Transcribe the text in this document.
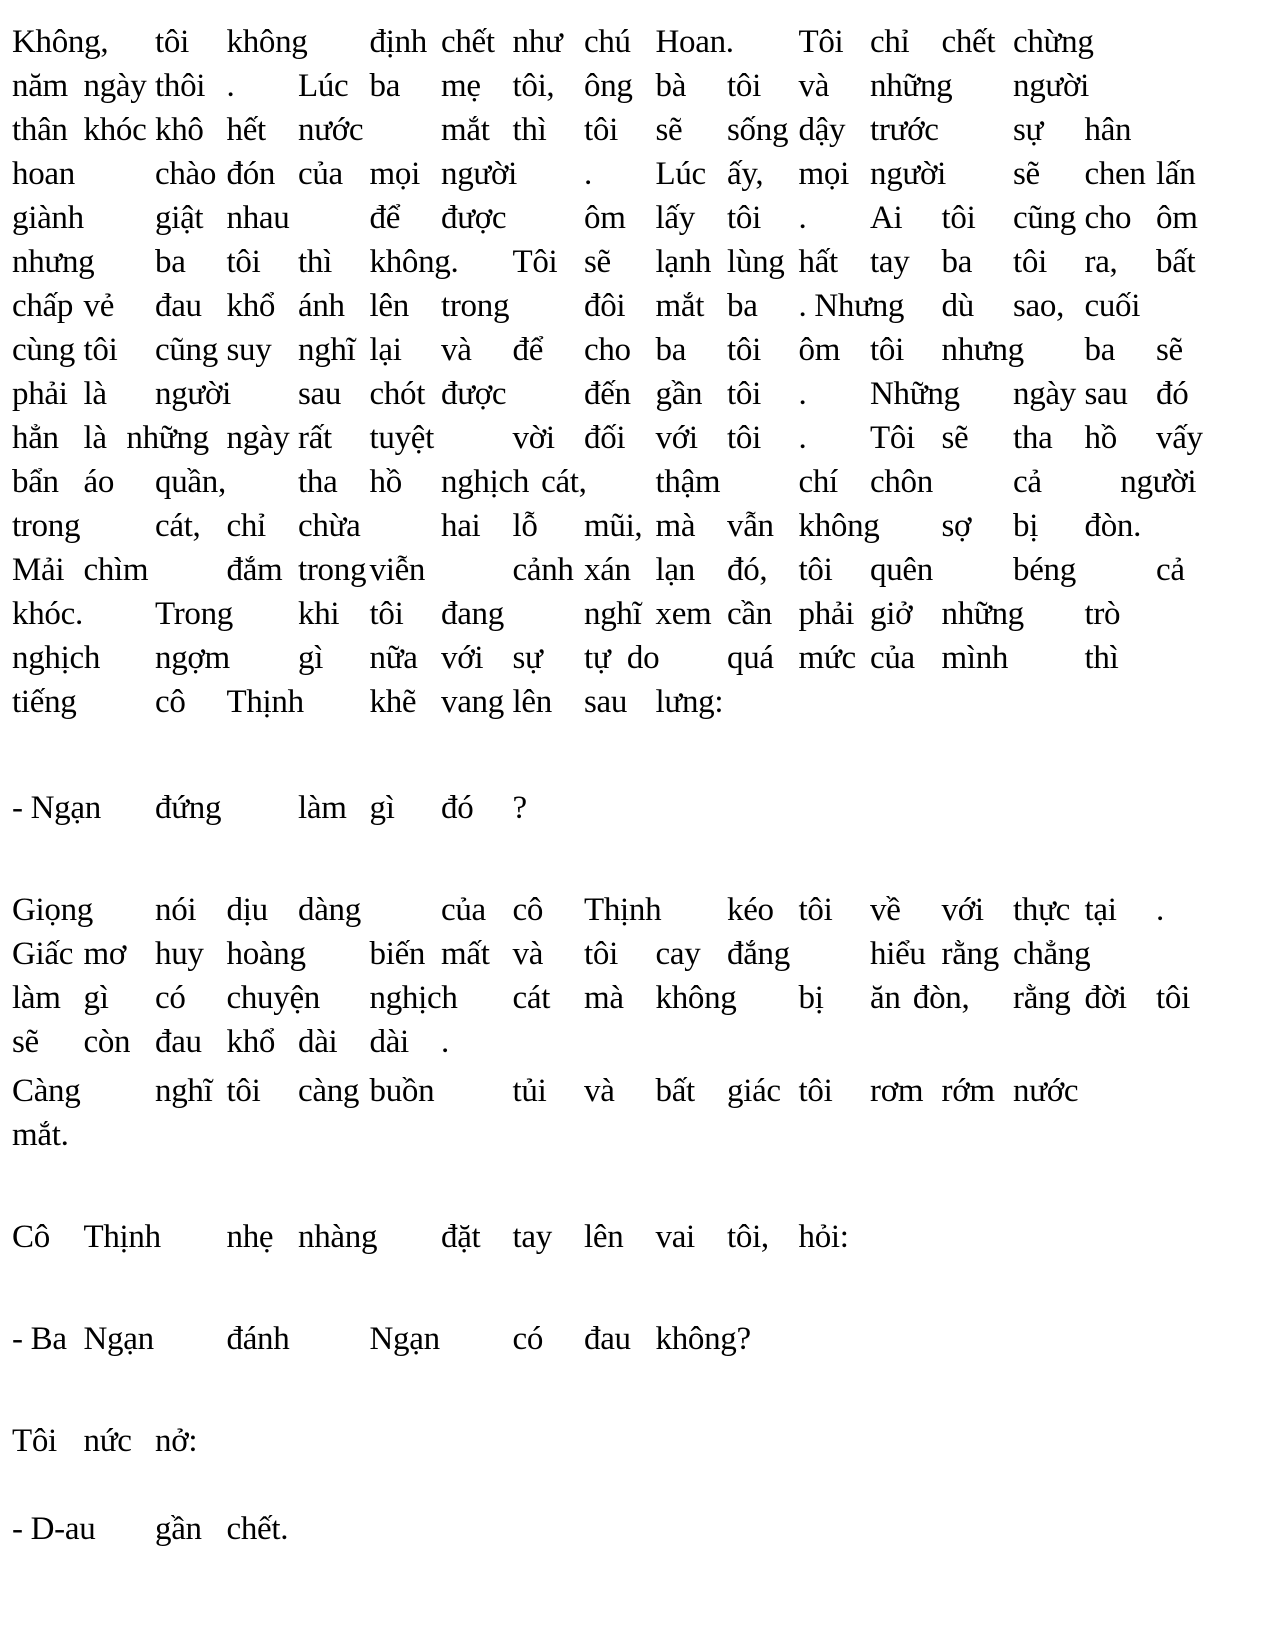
Không, tôi không định chết như chú Hoan. Tôi chỉ chết chừng
năm ngày thôi . Lúc ba mẹ tôi, ông bà tôi và những người
thân khóc khô hết nước mắt thì tôi sẽ sống dậy trước sự hân
hoan chào đón của mọi người . Lúc ấy, mọi người sẽ chen lấn
giành giật nhau để được ôm lấy tôi . Ai tôi cũng cho ôm
nhưng ba tôi thì không. Tôi sẽ lạnh lùng hất tay ba tôi ra, bất
chấp vẻ đau khổ ánh lên trong đôi mắt ba . Nhưng dù sao, cuối
cùng tôi cũng suy nghĩ lại và để cho ba tôi ôm tôi nhưng ba sẽ
phải là người sau chót được đến gần tôi . Những ngày sau đó
hẳn là những ngày rất tuyệt vời đối với tôi . Tôi sẽ tha hồ vấy
bẩn áo quần, tha hồ nghịch cát, thậm chí chôn cả người
trong cát, chỉ chừa hai lỗ mũi, mà vẫn không sợ bị đòn.
Mải chìm đắm trong viễn	cảnh xán lạn đó, tôi quên béng cả
khóc. Trong khi tôi đang nghĩ xem cần phải giở những trò
nghịch ngợm gì nữa với sự tự do quá mức của mình thì
tiếng cô Thịnh khẽ vang lên sau lưng:
- Ngạn đứng làm gì đó ?
Giọng nói dịu dàng của cô Thịnh kéo tôi về với thực tại .
Giấc mơ huy hoàng biến mất và tôi cay đắng hiểu rằng chẳng
làm gì có chuyện nghịch cát mà không bị ăn đòn, rằng đời tôi
sẽ còn đau khổ dài dài .
Càng nghĩ tôi càng buồn tủi và bất giác tôi rơm rớm nước
mắt.
Cô Thịnh nhẹ nhàng đặt tay lên vai tôi, hỏi:
- Ba Ngạn đánh Ngạn có đau không?
Tôi nức nở:
- D-au gần chết.
